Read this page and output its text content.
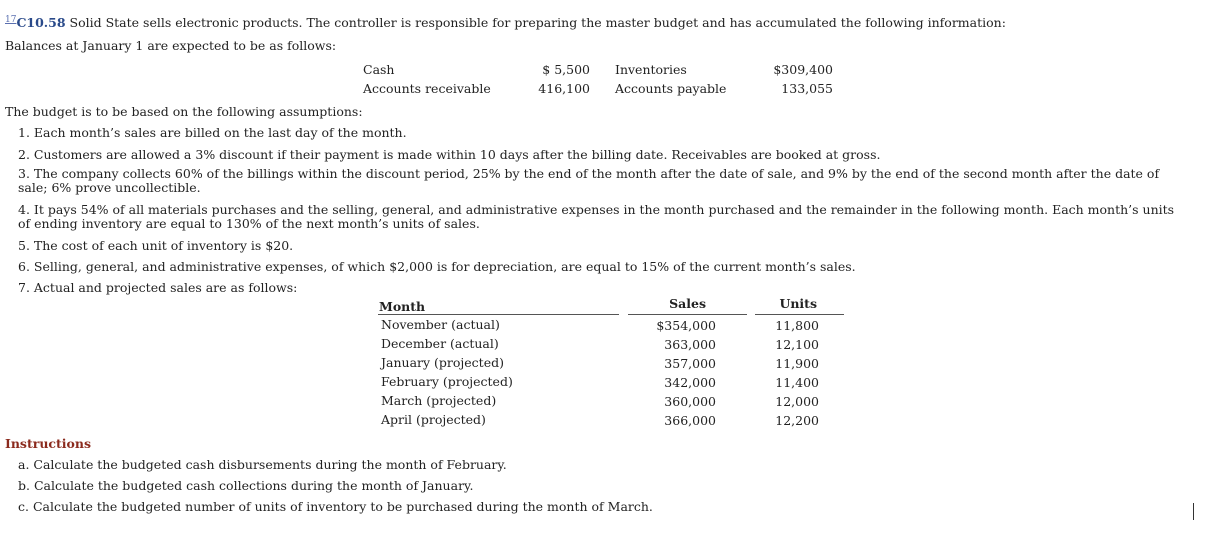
$^{17}$C10.58 Solid State sells electronic products. The controller is responsible for preparing the master budget and has accumulated the following information:
Balances at January 1 are expected to be as follows:
Cash	$ 5,500 Inventories	$309,400
Accounts receivable	416,100 Accounts payable	133,055
The budget is to be based on the following assumptions:
1. Each month’s sales are billed on the last day of the month.
2. Customers are allowed a 3% discount if their payment is made within 10 days after the billing date. Receivables are booked at gross.
3. The company collects 60% of the billings within the discount period, 25% by the end of the month after the date of sale, and 9% by the end of the second month after the date of sale; 6% prove uncollectible.
4. It pays 54% of all materials purchases and the selling, general, and administrative expenses in the month purchased and the remainder in the following month. Each month’s units of ending inventory are equal to 130% of the next month’s units of sales.
5. The cost of each unit of inventory is $20.
6. Selling, general, and administrative expenses, of which $2,000 is for depreciation, are equal to 15% of the current month’s sales.
7. Actual and projected sales are as follows:
Month	Sales	Units
November (actual)	$354,000	11,800
December (actual)	363,000	12,100
January (projected)	357,000	11,900
February (projected)	342,000	11,400
March (projected)	360,000	12,000
April (projected)	366,000	12,200
Instructions
a. Calculate the budgeted cash disbursements during the month of February.
b. Calculate the budgeted cash collections during the month of January.
c. Calculate the budgeted number of units of inventory to be purchased during the month of March.
